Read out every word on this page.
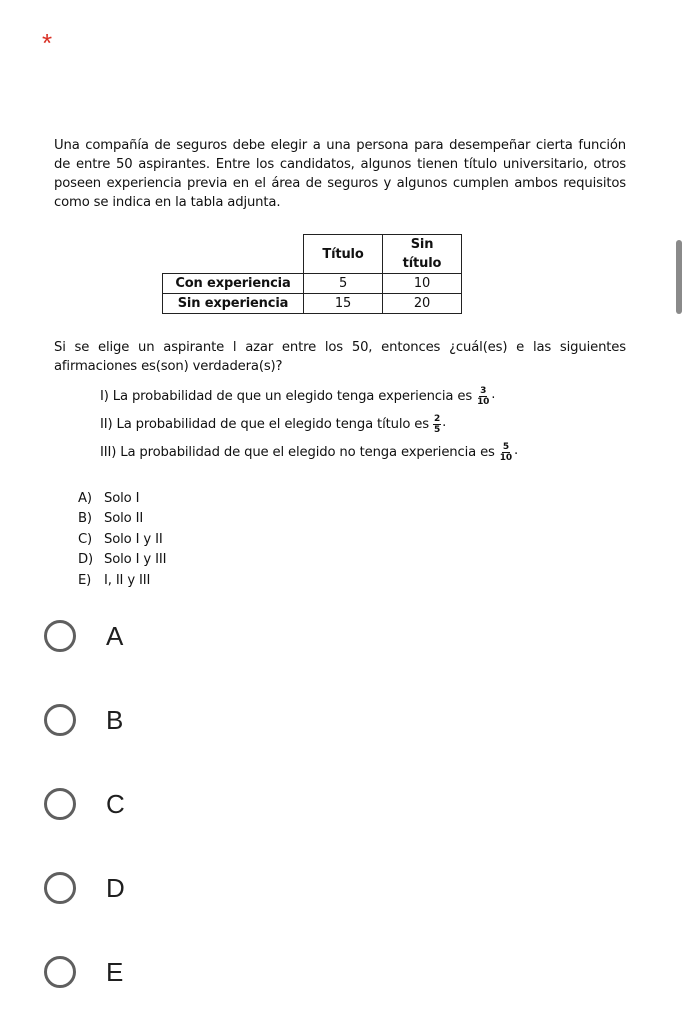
*

Una compañía de seguros debe elegir a una persona para desempeñar cierta función de entre 50 aspirantes. Entre los candidatos, algunos tienen título universitario, otros poseen experiencia previa en el área de seguros y algunos cumplen ambos requisitos como se indica en la tabla adjunta.

	Título	Sin título
Con experiencia	5	10
Sin experiencia	15	20

Si se elige un aspirante l azar entre los 50, entonces ¿cuál(es) e las siguientes afirmaciones es(son) verdadera(s)?

I) La probabilidad de que un elegido tenga experiencia es $\frac{3}{10}$ .
II) La probabilidad de que el elegido tenga título es $\frac{2}{5}$ .
III) La probabilidad de que el elegido no tenga experiencia es $\frac{5}{10}$ .
A) Solo I
B) Solo II
C) Solo I y II
D) Solo I y III
E) I, II y III
A
B
C
D
E
